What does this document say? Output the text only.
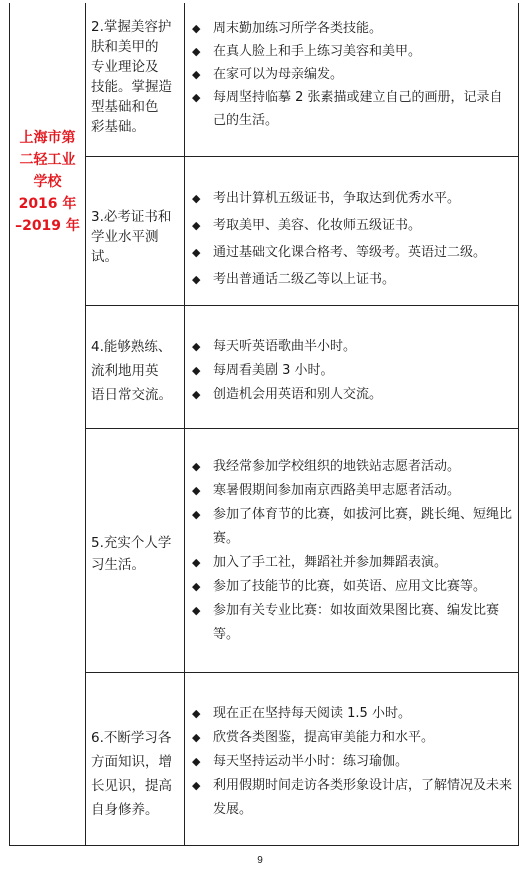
上海市第
二轻工业
学校
2016 年
–2019 年
2.掌握美容护
肤和美甲的
专业理论及
技能。掌握造
型基础和色
彩基础。
◆ 周末勤加练习所学各类技能。
◆ 在真人脸上和手上练习美容和美甲。
◆ 在家可以为母亲编发。
◆ 每周坚持临摹 2 张素描或建立自己的画册，记录自己的生活。
3.必考证书和
学业水平测
试。
◆ 考出计算机五级证书，争取达到优秀水平。
◆ 考取美甲、美容、化妆师五级证书。
◆ 通过基础文化课合格考、等级考。英语过二级。
◆ 考出普通话二级乙等以上证书。
4.能够熟练、
流利地用英
语日常交流。
◆ 每天听英语歌曲半小时。
◆ 每周看美剧 3 小时。
◆ 创造机会用英语和别人交流。
5.充实个人学
习生活。
◆ 我经常参加学校组织的地铁站志愿者活动。
◆ 寒暑假期间参加南京西路美甲志愿者活动。
◆ 参加了体育节的比赛，如拔河比赛，跳长绳、短绳比赛。
◆ 加入了手工社，舞蹈社并参加舞蹈表演。
◆ 参加了技能节的比赛，如英语、应用文比赛等。
◆ 参加有关专业比赛：如妆面效果图比赛、编发比赛等。
6.不断学习各
方面知识，增
长见识，提高
自身修养。
◆ 现在正在坚持每天阅读 1.5 小时。
◆ 欣赏各类图鉴，提高审美能力和水平。
◆ 每天坚持运动半小时：练习瑜伽。
◆ 利用假期时间走访各类形象设计店，了解情况及未来发展。
9
